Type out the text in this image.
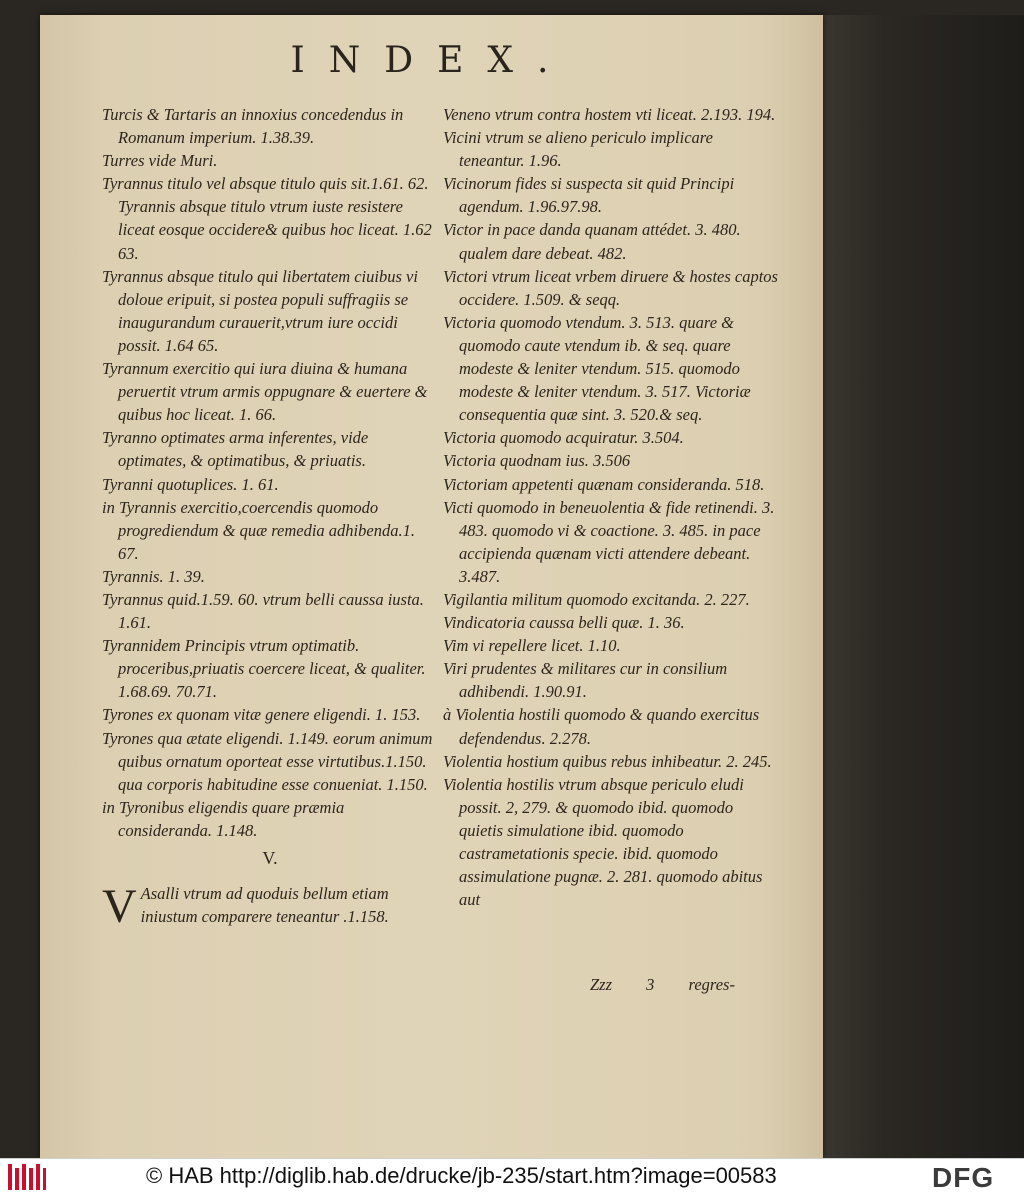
INDEX.

Turcis & Tartaris an innoxius concedendus in Romanum imperium. 1.38.39.

Turres vide Muri.

Tyrannus titulo vel absque titulo quis sit.1.61. 62. Tyrannis absque titulo vtrum iuste resistere liceat eosque occidere& quibus hoc liceat. 1.62 63.

Tyrannus absque titulo qui libertatem ciuibus vi doloue eripuit, si postea populi suffragiis se inaugurandum curauerit,vtrum iure occidi possit. 1.64 65.

Tyrannum exercitio qui iura diuina & humana peruertit vtrum armis oppugnare & euertere & quibus hoc liceat. 1. 66.

Tyranno optimates arma inferentes, vide optimates, & optimatibus, & priuatis.

Tyranni quotuplices. 1. 61.

in Tyrannis exercitio,coercendis quomodo progrediendum & quæ remedia adhibenda.1. 67.

Tyrannis. 1. 39.

Tyrannus quid.1.59. 60. vtrum belli caussa iusta. 1.61.

Tyrannidem Principis vtrum optimatib. proceribus,priuatis coercere liceat, & qualiter. 1.68.69. 70.71.

Tyrones ex quonam vitæ genere eligendi. 1. 153.

Tyrones qua ætate eligendi. 1.149. eorum animum quibus ornatum oporteat esse virtutibus.1.150. qua corporis habitudine esse conueniat. 1.150.

in Tyronibus eligendis quare præmia consideranda. 1.148.

V.

V Asalli vtrum ad quoduis bellum etiam iniustum comparere teneantur .1.158.

Veneno vtrum contra hostem vti liceat. 2.193. 194.

Vicini vtrum se alieno periculo implicare teneantur. 1.96.

Vicinorum fides si suspecta sit quid Principi agendum. 1.96.97.98.

Victor in pace danda quanam attédet. 3. 480. qualem dare debeat. 482.

Victori vtrum liceat vrbem diruere & hostes captos occidere. 1.509. & seqq.

Victoria quomodo vtendum. 3. 513. quare & quomodo caute vtendum ib. & seq. quare modeste & leniter vtendum. 515. quomodo modeste & leniter vtendum. 3. 517. Victoriæ consequentia quæ sint. 3. 520.& seq.

Victoria quomodo acquiratur. 3.504.

Victoria quodnam ius. 3.506

Victoriam appetenti quænam consideranda. 518.

Victi quomodo in beneuolentia & fide retinendi. 3. 483. quomodo vi & coactione. 3. 485. in pace accipienda quænam victi attendere debeant. 3.487.

Vigilantia militum quomodo excitanda. 2. 227.

Vindicatoria caussa belli quæ. 1. 36.

Vim vi repellere licet. 1.10.

Viri prudentes & militares cur in consilium adhibendi. 1.90.91.

à Violentia hostili quomodo & quando exercitus defendendus. 2.278.

Violentia hostium quibus rebus inhibeatur. 2. 245.

Violentia hostilis vtrum absque periculo eludi possit. 2, 279. & quomodo ibid. quomodo quietis simulatione ibid. quomodo castrametationis specie. ibid. quomodo assimulatione pugnæ. 2. 281. quomodo abitus aut

Zzz 3 regres-
© HAB http://diglib.hab.de/drucke/jb-235/start.htm?image=00583	DFG
